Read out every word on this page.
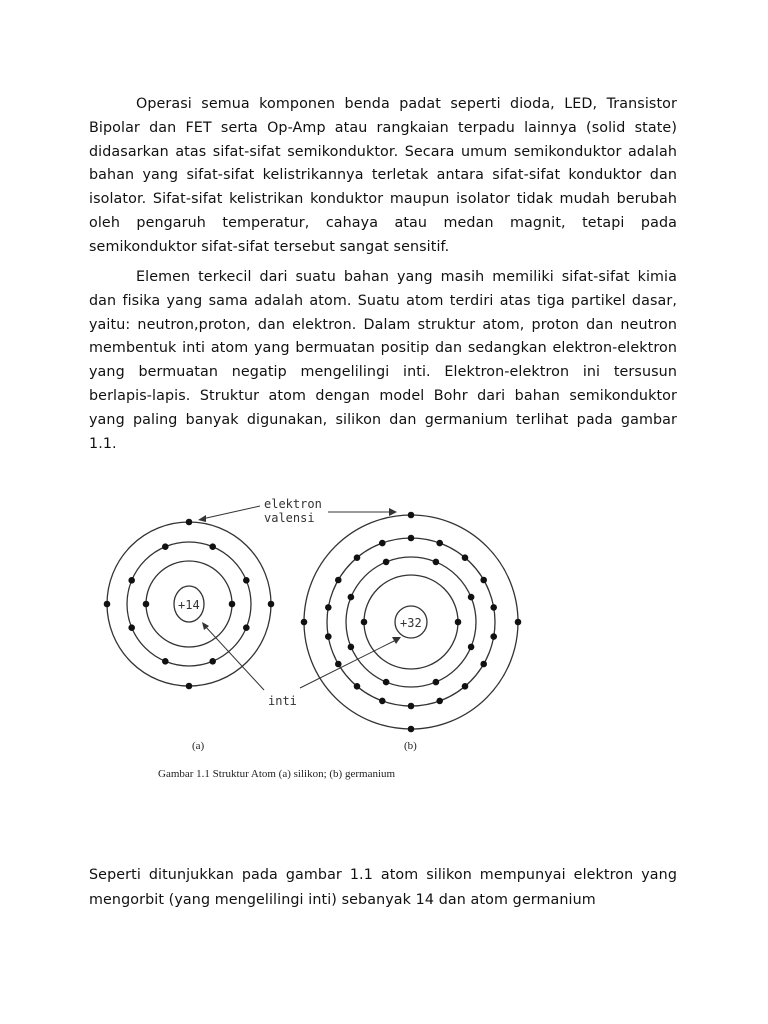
Operasi semua komponen benda padat seperti dioda, LED, Transistor Bipolar dan FET serta Op-Amp atau rangkaian terpadu lainnya (solid state) didasarkan atas sifat-sifat semikonduktor. Secara umum semikonduktor adalah bahan yang sifat-sifat kelistrikannya terletak antara sifat-sifat konduktor dan isolator. Sifat-sifat kelistrikan konduktor maupun isolator tidak mudah berubah oleh pengaruh temperatur, cahaya atau medan magnit, tetapi pada semikonduktor sifat-sifat tersebut sangat sensitif.

Elemen terkecil dari suatu bahan yang masih memiliki sifat-sifat kimia dan fisika yang sama adalah atom. Suatu atom terdiri atas tiga partikel dasar, yaitu: neutron,proton, dan elektron. Dalam struktur atom, proton dan neutron membentuk inti atom yang bermuatan positip dan sedangkan elektron-elektron yang bermuatan negatip mengelilingi inti. Elektron-elektron ini tersusun berlapis-lapis. Struktur atom dengan model Bohr dari bahan semikonduktor yang paling banyak digunakan, silikon dan germanium terlihat pada gambar 1.1.

+14
+32
elektron
valensi
inti
(a)	(b)
Gambar 1.1 Struktur Atom (a) silikon; (b) germanium

Seperti ditunjukkan pada gambar 1.1 atom silikon mempunyai elektron yang mengorbit (yang mengelilingi inti) sebanyak 14 dan atom germanium
